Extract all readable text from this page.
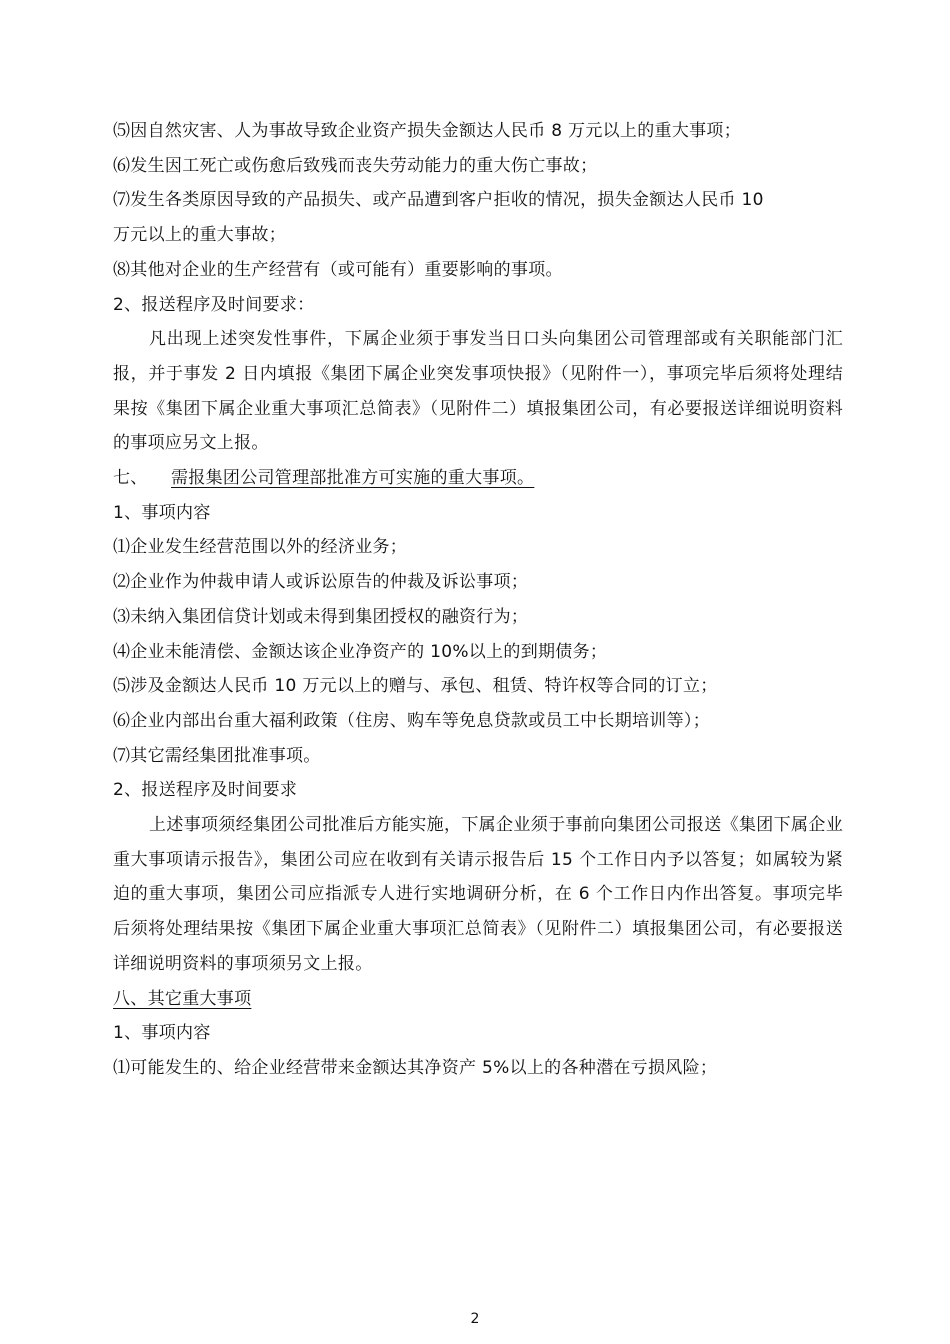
⑸因自然灾害、人为事故导致企业资产损失金额达人民币 8 万元以上的重大事项；
⑹发生因工死亡或伤愈后致残而丧失劳动能力的重大伤亡事故；
⑺发生各类原因导致的产品损失、或产品遭到客户拒收的情况，损失金额达人民币 10
万元以上的重大事故；
⑻其他对企业的生产经营有（或可能有）重要影响的事项。
2、报送程序及时间要求：
凡出现上述突发性事件，下属企业须于事发当日口头向集团公司管理部或有关职能部门汇报，并于事发 2 日内填报《集团下属企业突发事项快报》（见附件一），事项完毕后须将处理结果按《集团下属企业重大事项汇总简表》（见附件二）填报集团公司，有必要报送详细说明资料的事项应另文上报。
七、 需报集团公司管理部批准方可实施的重大事项。
1、事项内容
⑴企业发生经营范围以外的经济业务；
⑵企业作为仲裁申请人或诉讼原告的仲裁及诉讼事项；
⑶未纳入集团信贷计划或未得到集团授权的融资行为；
⑷企业未能清偿、金额达该企业净资产的 10%以上的到期债务；
⑸涉及金额达人民币 10 万元以上的赠与、承包、租赁、特许权等合同的订立；
⑹企业内部出台重大福利政策（住房、购车等免息贷款或员工中长期培训等）；
⑺其它需经集团批准事项。
2、报送程序及时间要求
上述事项须经集团公司批准后方能实施，下属企业须于事前向集团公司报送《集团下属企业重大事项请示报告》，集团公司应在收到有关请示报告后 15 个工作日内予以答复；如属较为紧迫的重大事项，集团公司应指派专人进行实地调研分析，在 6 个工作日内作出答复。事项完毕后须将处理结果按《集团下属企业重大事项汇总简表》（见附件二）填报集团公司，有必要报送详细说明资料的事项须另文上报。
八、其它重大事项
1、事项内容
⑴可能发生的、给企业经营带来金额达其净资产 5%以上的各种潜在亏损风险；
2
